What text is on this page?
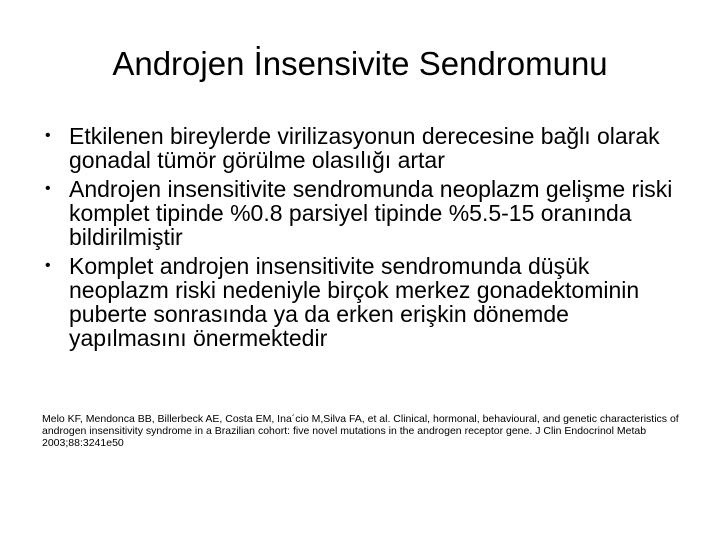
Androjen İnsensivite Sendromunu
• Etkilenen bireylerde virilizasyonun derecesine bağlı olarak gonadal tümör görülme olasılığı artar
• Androjen insensitivite sendromunda neoplazm gelişme riski komplet tipinde %0.8 parsiyel tipinde %5.5-15 oranında bildirilmiştir
• Komplet androjen insensitivite sendromunda düşük neoplazm riski nedeniyle birçok merkez gonadektominin puberte sonrasında ya da erken erişkin dönemde yapılmasını önermektedir

Melo KF, Mendonca BB, Billerbeck AE, Costa EM, Ina´cio M,Silva FA, et al. Clinical, hormonal, behavioural, and genetic characteristics of androgen insensitivity syndrome in a Brazilian cohort: five novel mutations in the androgen receptor gene. J Clin Endocrinol Metab 2003;88:3241e50
